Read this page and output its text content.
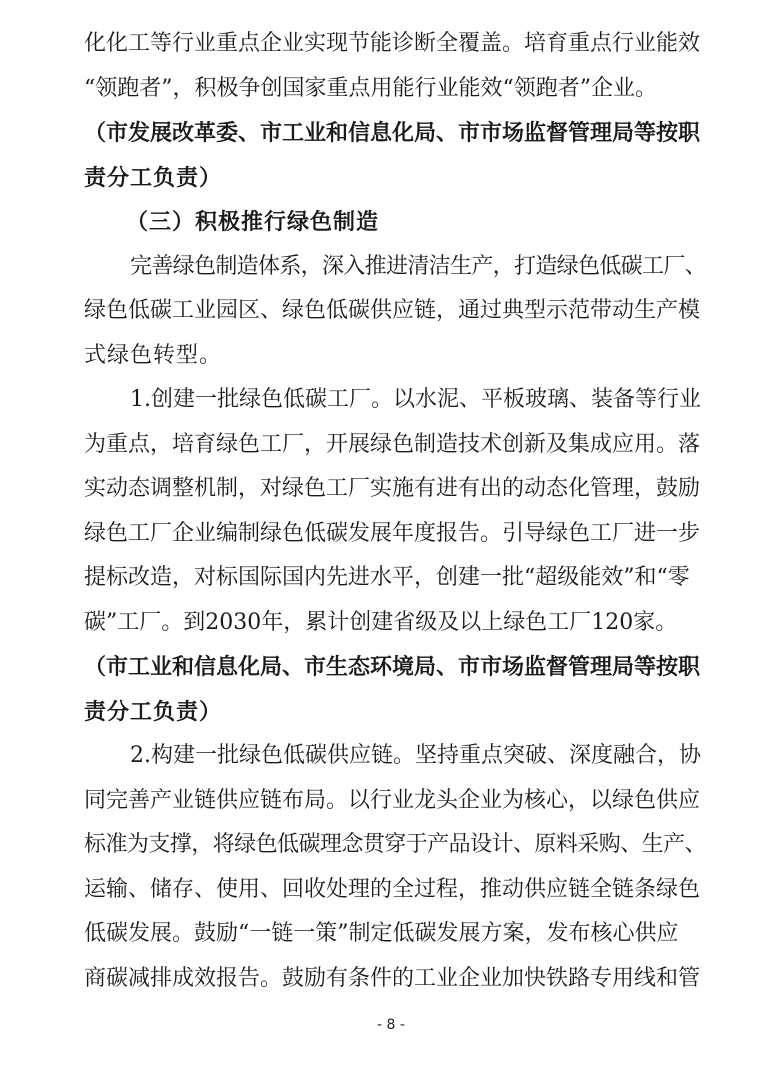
化化工等行业重点企业实现节能诊断全覆盖。培育重点行业能效
“领跑者”，积极争创国家重点用能行业能效“领跑者”企业。
（市发展改革委、市工业和信息化局、市市场监督管理局等按职
责分工负责）
（三）积极推行绿色制造
完善绿色制造体系，深入推进清洁生产，打造绿色低碳工厂、
绿色低碳工业园区、绿色低碳供应链，通过典型示范带动生产模
式绿色转型。
1.创建一批绿色低碳工厂。以水泥、平板玻璃、装备等行业
为重点，培育绿色工厂，开展绿色制造技术创新及集成应用。落
实动态调整机制，对绿色工厂实施有进有出的动态化管理，鼓励
绿色工厂企业编制绿色低碳发展年度报告。引导绿色工厂进一步
提标改造，对标国际国内先进水平，创建一批“超级能效”和“零
碳”工厂。到2030年，累计创建省级及以上绿色工厂120家。
（市工业和信息化局、市生态环境局、市市场监督管理局等按职
责分工负责）
2.构建一批绿色低碳供应链。坚持重点突破、深度融合，协
同完善产业链供应链布局。以行业龙头企业为核心，以绿色供应
标准为支撑，将绿色低碳理念贯穿于产品设计、原料采购、生产、
运输、储存、使用、回收处理的全过程，推动供应链全链条绿色
低碳发展。鼓励“一链一策”制定低碳发展方案，发布核心供应
商碳减排成效报告。鼓励有条件的工业企业加快铁路专用线和管
- 8 -
